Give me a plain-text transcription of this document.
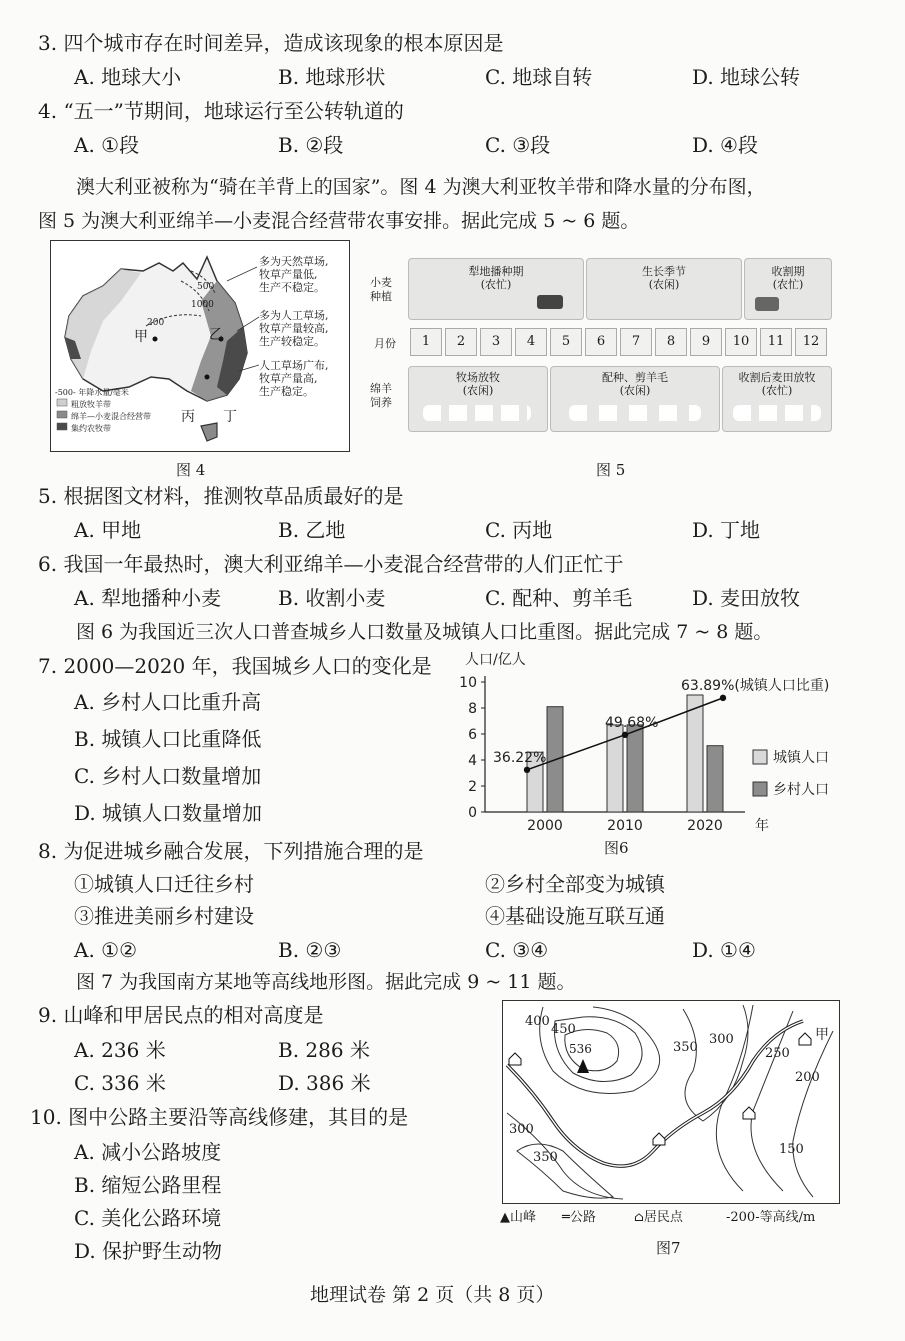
3. 四个城市存在时间差异，造成该现象的根本原因是
A. 地球大小	B. 地球形状	C. 地球自转	D. 地球公转
4. “五一”节期间，地球运行至公转轨道的
A. ①段	B. ②段	C. ③段	D. ④段
澳大利亚被称为“骑在羊背上的国家”。图 4 为澳大利亚牧羊带和降水量的分布图，
图 5 为澳大利亚绵羊—小麦混合经营带农事安排。据此完成 5 ~ 6 题。
甲	乙
丙 丁
1000
500
200
多为天然草场,
牧草产量低,
生产不稳定。
多为人工草场,
牧草产量较高,
生产较稳定。
人工草场广布,
牧草产量高,
生产稳定。
-500- 年降水量/毫米
粗放牧羊带
绵羊—小麦混合经营带
集约农牧带
图 4
小麦种植
犁地播种期
(农忙)
生长季节
(农闲)
收割期
(农忙)
月份	1	2	3	4	5	6	7	8	9	10	11	12
绵羊饲养
牧场放牧
(农闲)
配种、剪羊毛
(农闲)
收割后麦田放牧
(农忙)
图 5
5. 根据图文材料，推测牧草品质最好的是
A. 甲地	B. 乙地	C. 丙地	D. 丁地
6. 我国一年最热时，澳大利亚绵羊—小麦混合经营带的人们正忙于
A. 犁地播种小麦	B. 收割小麦	C. 配种、剪羊毛	D. 麦田放牧
图 6 为我国近三次人口普查城乡人口数量及城镇人口比重图。据此完成 7 ~ 8 题。
7. 2000—2020 年，我国城乡人口的变化是
A. 乡村人口比重升高
B. 城镇人口比重降低
C. 乡村人口数量增加
D. 城镇人口数量增加
人口/亿人
0
2
4
6
8
10
2000	2010	2020 年
36.22%
49.68%
63.89%(城镇人口比重)
城镇人口
乡村人口
图6
8. 为促进城乡融合发展，下列措施合理的是
①城镇人口迁往乡村	②乡村全部变为城镇
③推进美丽乡村建设	④基础设施互联互通
A. ①②	B. ②③	C. ③④	D. ①④
图 7 为我国南方某地等高线地形图。据此完成 9 ~ 11 题。
9. 山峰和甲居民点的相对高度是
A. 236 米	B. 286 米
C. 336 米	D. 386 米
10. 图中公路主要沿等高线修建，其目的是
A. 减小公路坡度
B. 缩短公路里程
C. 美化公路环境
D. 保护野生动物
400
450
536	350
300
250
200
300
350
150
甲
▲山峰 ═公路	⌂居民点	-200-等高线/m
图7
地理试卷 第 2 页（共 8 页）
